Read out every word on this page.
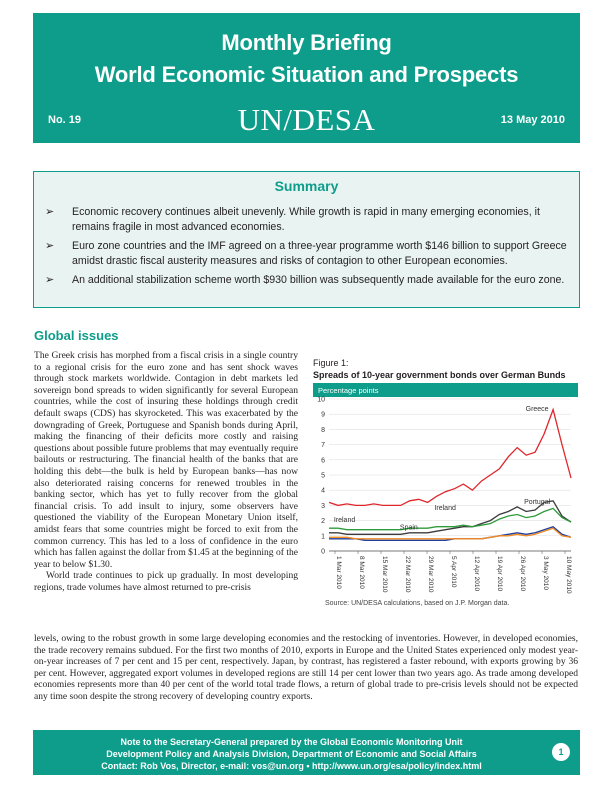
Monthly Briefing
World Economic Situation and Prospects
No. 19	UN/DESA	13 May 2010
Summary
➢ Economic recovery continues albeit unevenly. While growth is rapid in many emerging economies, it remains fragile in most advanced economies.
➢ Euro zone countries and the IMF agreed on a three-year programme worth $146 billion to support Greece amidst drastic fiscal austerity measures and risks of contagion to other European economies.
➢ An additional stabilization scheme worth $930 billion was subsequently made available for the euro zone.
Global issues

The Greek crisis has morphed from a fiscal crisis in a single country to a regional crisis for the euro zone and has sent shock waves through stock markets worldwide. Contagion in debt markets led sovereign bond spreads to widen significantly for several European countries, while the cost of insuring these holdings through credit default swaps (CDS) has skyrocketed. This was exacerbated by the downgrading of Greek, Portuguese and Spanish bonds during April, making the financing of their deficits more costly and raising questions about possible future problems that may eventually require bailouts or restructuring. The financial health of the banks that are holding this debt—the bulk is held by European banks—has now also deteriorated raising concerns for renewed troubles in the banking sector, which has yet to fully recover from the global financial crisis. To add insult to injury, some observers have questioned the viability of the European Monetary Union itself, amidst fears that some countries might be forced to exit from the common currency. This has led to a loss of confidence in the euro which has fallen against the dollar from $1.45 at the beginning of the year to below $1.30.

World trade continues to pick up gradually. In most developing regions, trade volumes have almost returned to pre-crisis

Figure 1:
Spreads of 10-year government bonds over German Bunds
Percentage points
0
1
2
3
4
5
6
7
8
9
10
1 Mar 2010 8 Mar 2010 15 Mar 2010 22 Mar 2010 29 Mar 2010 5 Apr 2010 12 Apr 2010 19 Apr 2010 26 Apr 2010 3 May 2010 10 May 2010
Greece
Portugal
Ireland
Spain
Ireland
Source: UN/DESA calculations, based on J.P. Morgan data.

levels, owing to the robust growth in some large developing economies and the restocking of inventories. However, in developed economies, the trade recovery remains subdued. For the first two months of 2010, exports in Europe and the United States experienced only modest year-on-year increases of 7 per cent and 15 per cent, respectively. Japan, by contrast, has registered a faster rebound, with exports growing by 36 per cent. However, aggregated export volumes in developed regions are still 14 per cent lower than two years ago. As trade among developed economies represents more than 40 per cent of the world total trade flows, a return of global trade to pre-crisis levels should not be expected any time soon despite the strong recovery of developing country exports.

Note to the Secretary-General prepared by the Global Economic Monitoring Unit
Development Policy and Analysis Division, Department of Economic and Social Affairs
Contact: Rob Vos, Director, e-mail: vos@un.org • http://www.un.org/esa/policy/index.html
1
